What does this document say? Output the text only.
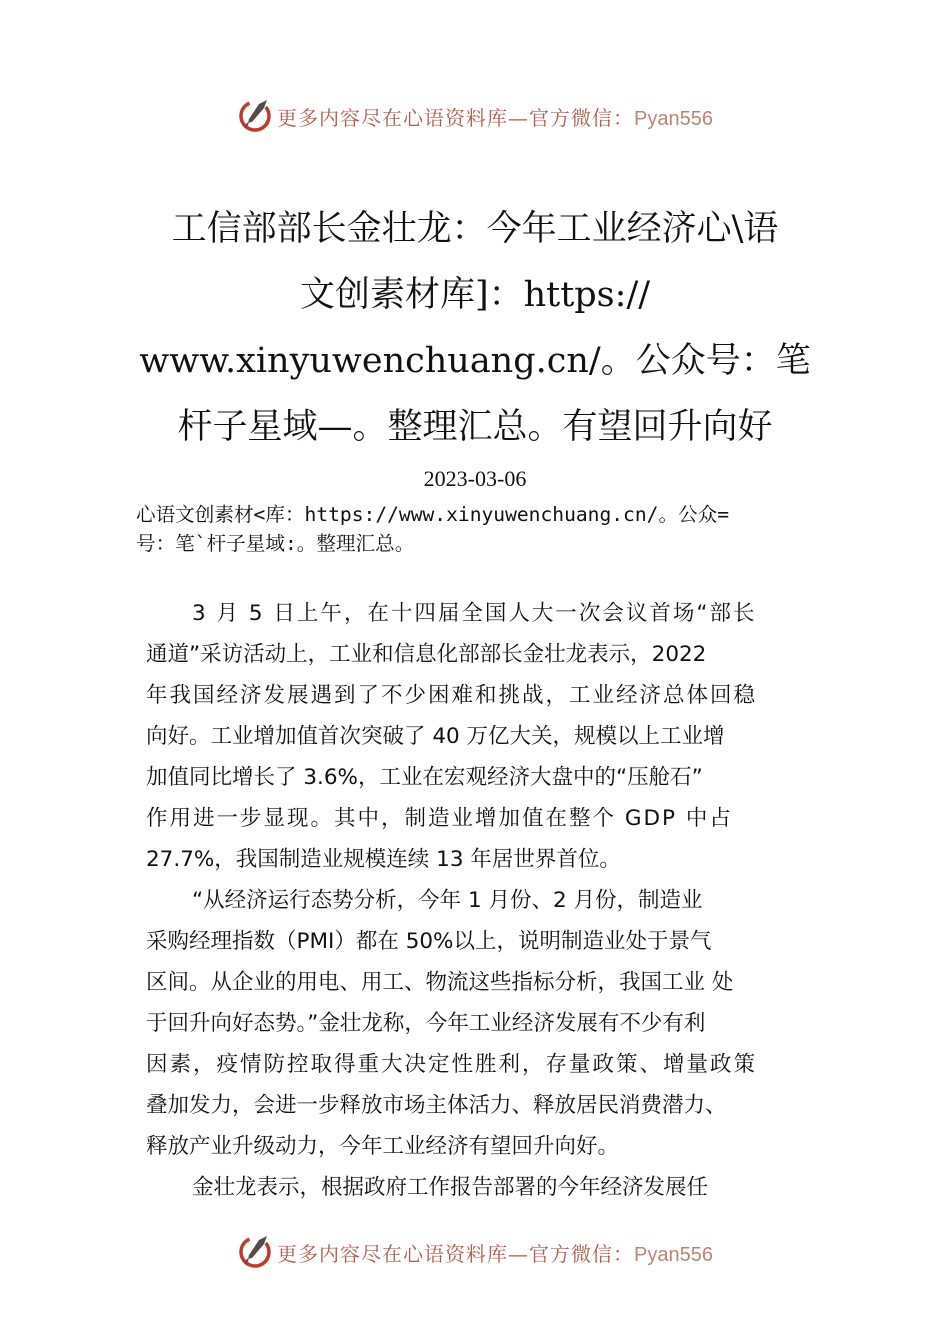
更多内容尽在心语资料库—官方微信：Pyan556
工信部部长金壮龙：今年工业经济心\语
文创素材库]：https://
www.xinyuwenchuang.cn/。公众号：笔
杆子星域—。整理汇总。有望回升向好
2023-03-06
心语文创素材<库：https://www.xinyuwenchuang.cn/。公众=
号：笔`杆子星域:。整理汇总。
3 月 5 日上午，在十四届全国人大一次会议首场“部长
通道”采访活动上，工业和信息化部部长金壮龙表示，2022
年我国经济发展遇到了不少困难和挑战，工业经济总体回稳
向好。工业增加值首次突破了 40 万亿大关，规模以上工业增
加值同比增长了 3.6%，工业在宏观经济大盘中的“压舱石”
作用进一步显现。其中，制造业增加值在整个 GDP 中占
27.7%，我国制造业规模连续 13 年居世界首位。
“从经济运行态势分析，今年 1 月份、2 月份，制造业
采购经理指数（PMI）都在 50%以上，说明制造业处于景气
区间。从企业的用电、用工、物流这些指标分析，我国工业 处
于回升向好态势。”金壮龙称，今年工业经济发展有不少有利
因素，疫情防控取得重大决定性胜利，存量政策、增量政策
叠加发力，会进一步释放市场主体活力、释放居民消费潜力、
释放产业升级动力，今年工业经济有望回升向好。
金壮龙表示，根据政府工作报告部署的今年经济发展任
更多内容尽在心语资料库—官方微信：Pyan556
